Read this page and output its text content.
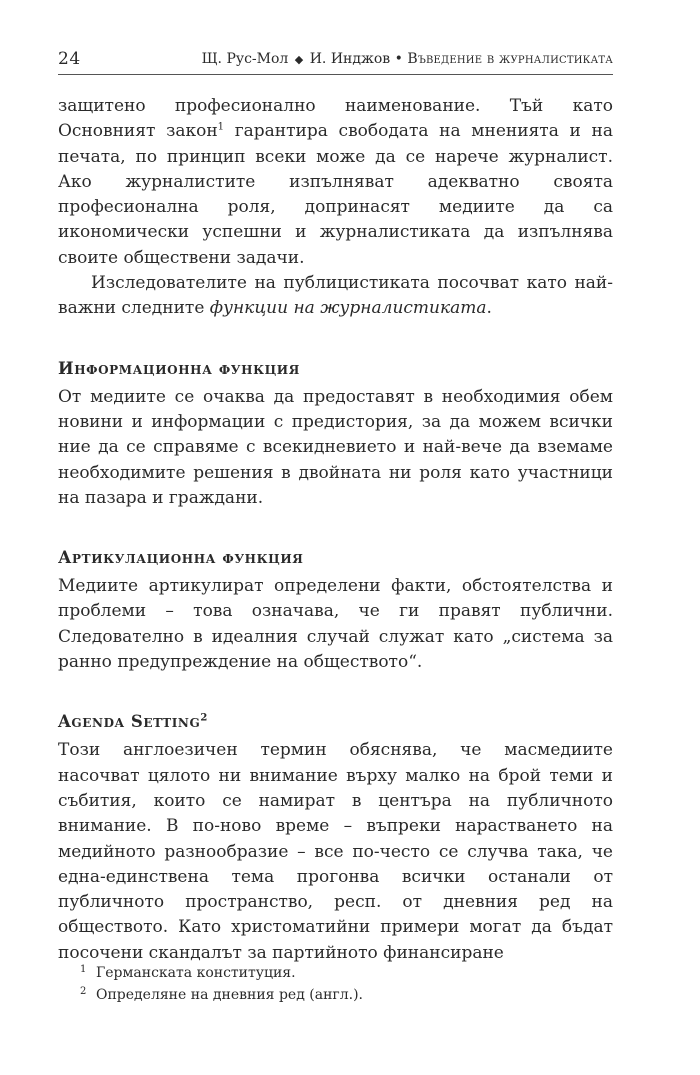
24	Щ. Рус-Мол ◆ И. Инджов • Въведение в журналистиката

защитено професионално наименование. Тъй като Основният закон$^1$ гарантира свободата на мненията и на печата, по принцип всеки може да се нарече журналист. Ако журналистите изпълняват адекватно своята професионална роля, допринасят медиите да са икономически успешни и журналистиката да изпълнява своите обществени задачи.

Изследователите на публицистиката посочват като най-важни следните функции на журналистиката.

Информационна функция

От медиите се очаква да предоставят в необходимия обем новини и информации с предистория, за да можем всички ние да се справяме с всекидневието и най-вече да вземаме необходимите решения в двойната ни роля като участници на пазара и граждани.

Артикулационна функция

Медиите артикулират определени факти, обстоятелства и проблеми – това означава, че ги правят публични. Следователно в идеалния случай служат като „система за ранно предупреждение на обществото“.

Agenda Setting$^2$

Този англоезичен термин обяснява, че масмедиите насочват цялото ни внимание върху малко на брой теми и събития, които се намират в центъра на публичното внимание. В по-ново време – въпреки нарастването на медийното разнообразие – все по-често се случва така, че една-единствена тема прогонва всички останали от публичното пространство, респ. от дневния ред на обществото. Като христоматийни примери могат да бъдат посочени скандалът за партийното финансиране

1 Германската конституция.
2 Определяне на дневния ред (англ.).
